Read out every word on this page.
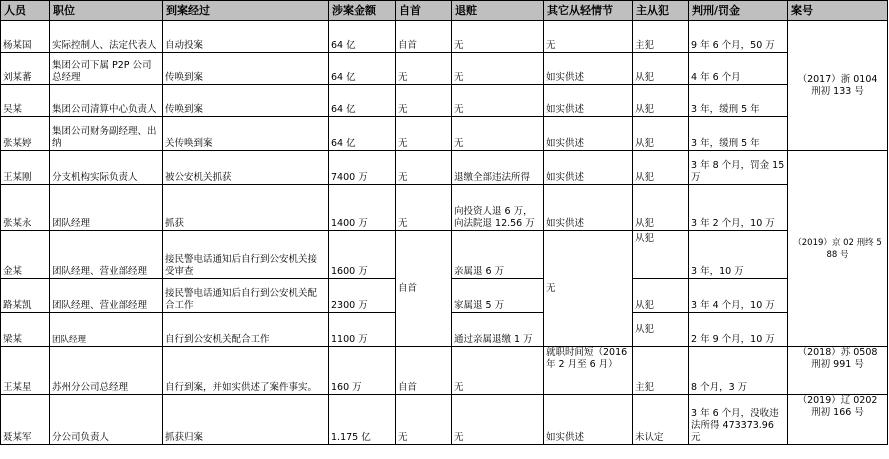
人员	职位	到案经过	涉案金额	自首	退赃	其它从轻情节	主从犯	判刑/罚金	案号
杨某国	实际控制人、法定代表人	自动投案	64 亿	自首	无	无	主犯	9 年 6 个月，50 万	（2017）浙 0104 刑初 133 号
刘某蕃	集团公司下属 P2P 公司总经理	传唤到案	64 亿	无	无	如实供述	从犯	4 年 6 个月	
吴某	集团公司清算中心负责人	传唤到案	64 亿	无	无	如实供述	从犯	3 年，缓刑 5 年	
张某婷	集团公司财务副经理、出纳	关传唤到案	64 亿	无	无	如实供述	从犯	3 年，缓刑 5 年	
王某刚	分支机构实际负责人	被公安机关抓获	7400 万	无	退缴全部违法所得	如实供述	从犯	3 年 8 个月，罚金 15 万	（2019）京 02 刑终 588 号
张某永	团队经理	抓获	1400 万	无	向投资人退 6 万，向法院退 12.56 万	如实供述	从犯	3 年 2 个月，10 万	
金某	团队经理、营业部经理	接民警电话通知后自行到公安机关接受审查	1600 万	自首	亲属退 6 万	无	从犯	3 年，10 万	
路某凯	团队经理、营业部经理	接民警电话通知后自行到公安机关配合工作	2300 万		家属退 5 万		从犯	3 年 4 个月，10 万	
梁某	团队经理	自行到公安机关配合工作	1100 万		通过亲属退缴 1 万		从犯	2 年 9 个月，10 万	
王某星	苏州分公司总经理	自行到案，并如实供述了案件事实。	160 万	自首	无	就职时间短（2016 年 2 月至 6 月）	主犯	8 个月，3 万	（2018）苏 0508 刑初 991 号
聂某军	分公司负责人	抓获归案	1.175 亿	无	无	如实供述	未认定	3 年 6 个月，没收违法所得 473373.96 元	（2019）辽 0202 刑初 166 号
